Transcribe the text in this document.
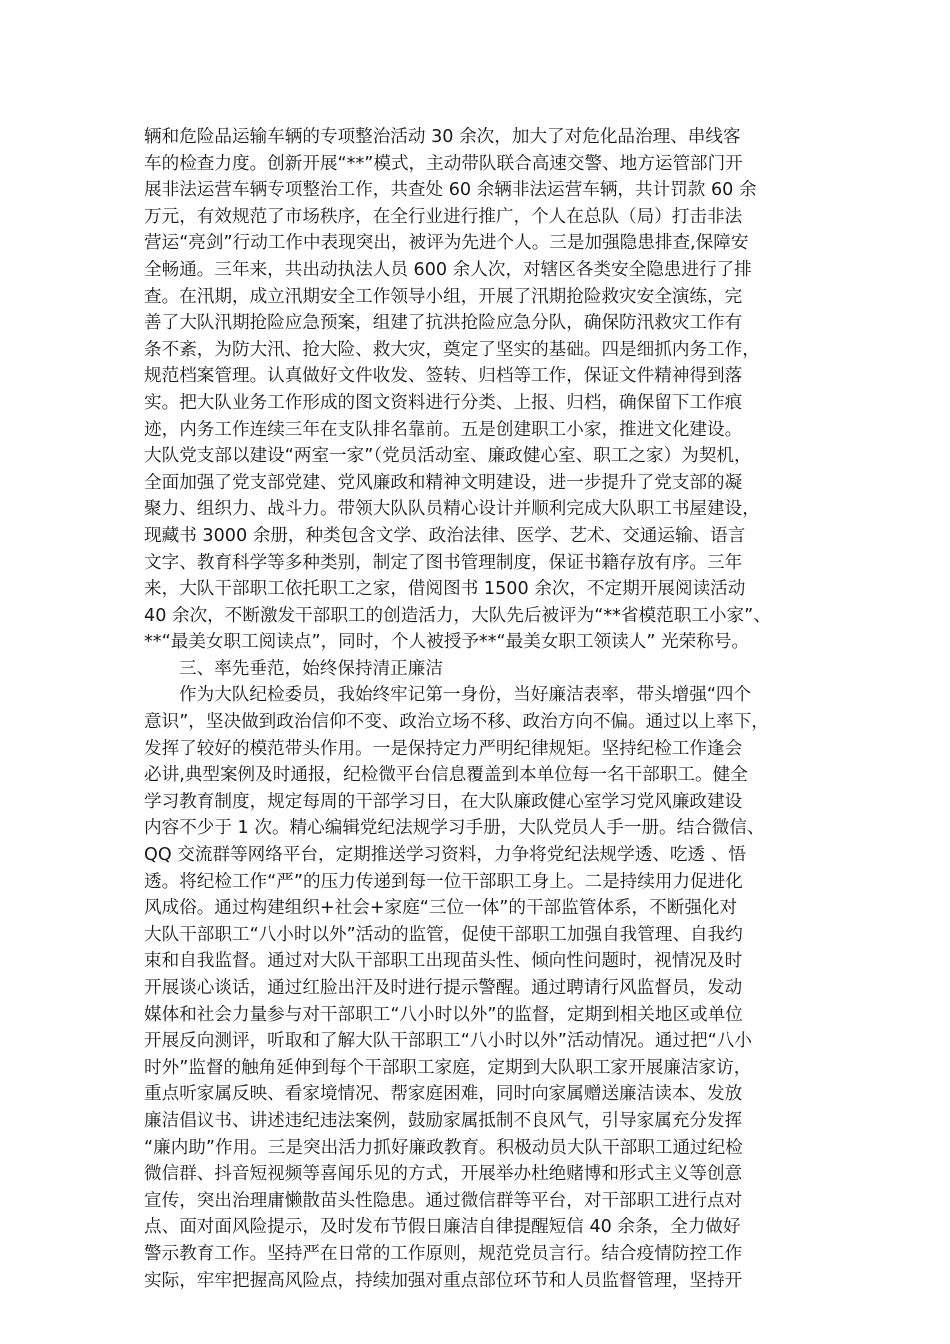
辆和危险品运输车辆的专项整治活动 30 余次，加大了对危化品治理、串线客
车的检查力度。创新开展“**”模式，主动带队联合高速交警、地方运管部门开
展非法运营车辆专项整治工作，共查处 60 余辆非法运营车辆，共计罚款 60 余
万元，有效规范了市场秩序，在全行业进行推广，个人在总队（局）打击非法
营运“亮剑”行动工作中表现突出，被评为先进个人。三是加强隐患排查,保障安
全畅通。三年来，共出动执法人员 600 余人次，对辖区各类安全隐患进行了排
查。在汛期，成立汛期安全工作领导小组，开展了汛期抢险救灾安全演练，完
善了大队汛期抢险应急预案，组建了抗洪抢险应急分队，确保防汛救灾工作有
条不紊，为防大汛、抢大险、救大灾，奠定了坚实的基础。四是细抓内务工作，
规范档案管理。认真做好文件收发、签转、归档等工作，保证文件精神得到落
实。把大队业务工作形成的图文资料进行分类、上报、归档，确保留下工作痕
迹，内务工作连续三年在支队排名靠前。五是创建职工小家，推进文化建设。
大队党支部以建设“两室一家”（党员活动室、廉政健心室、职工之家）为契机，
全面加强了党支部党建、党风廉政和精神文明建设，进一步提升了党支部的凝
聚力、组织力、战斗力。带领大队队员精心设计并顺利完成大队职工书屋建设，
现藏书 3000 余册，种类包含文学、政治法律、医学、艺术、交通运输、语言
文字、教育科学等多种类别，制定了图书管理制度，保证书籍存放有序。三年
来，大队干部职工依托职工之家，借阅图书 1500 余次，不定期开展阅读活动
40 余次，不断激发干部职工的创造活力，大队先后被评为“**省模范职工小家”、
**“最美女职工阅读点”，同时，个人被授予**“最美女职工领读人” 光荣称号。
三、率先垂范，始终保持清正廉洁
作为大队纪检委员，我始终牢记第一身份，当好廉洁表率，带头增强“四个
意识”，坚决做到政治信仰不变、政治立场不移、政治方向不偏。通过以上率下，
发挥了较好的模范带头作用。一是保持定力严明纪律规矩。坚持纪检工作逢会
必讲,典型案例及时通报，纪检微平台信息覆盖到本单位每一名干部职工。健全
学习教育制度，规定每周的干部学习日，在大队廉政健心室学习党风廉政建设
内容不少于 1 次。精心编辑党纪法规学习手册，大队党员人手一册。结合微信、
QQ 交流群等网络平台，定期推送学习资料，力争将党纪法规学透、吃透 、悟
透。将纪检工作“严”的压力传递到每一位干部职工身上。二是持续用力促进化
风成俗。通过构建组织+社会+家庭“三位一体”的干部监管体系，不断强化对
大队干部职工“八小时以外”活动的监管，促使干部职工加强自我管理、自我约
束和自我监督。通过对大队干部职工出现苗头性、倾向性问题时，视情况及时
开展谈心谈话，通过红脸出汗及时进行提示警醒。通过聘请行风监督员，发动
媒体和社会力量参与对干部职工“八小时以外”的监督，定期到相关地区或单位
开展反向测评，听取和了解大队干部职工“八小时以外”活动情况。通过把“八小
时外”监督的触角延伸到每个干部职工家庭，定期到大队职工家开展廉洁家访，
重点听家属反映、看家境情况、帮家庭困难，同时向家属赠送廉洁读本、发放
廉洁倡议书、讲述违纪违法案例，鼓励家属抵制不良风气，引导家属充分发挥
“廉内助”作用。三是突出活力抓好廉政教育。积极动员大队干部职工通过纪检
微信群、抖音短视频等喜闻乐见的方式，开展举办杜绝赌博和形式主义等创意
宣传，突出治理庸懒散苗头性隐患。通过微信群等平台，对干部职工进行点对
点、面对面风险提示，及时发布节假日廉洁自律提醒短信 40 余条，全力做好
警示教育工作。坚持严在日常的工作原则，规范党员言行。结合疫情防控工作
实际，牢牢把握高风险点，持续加强对重点部位环节和人员监督管理，坚持开
